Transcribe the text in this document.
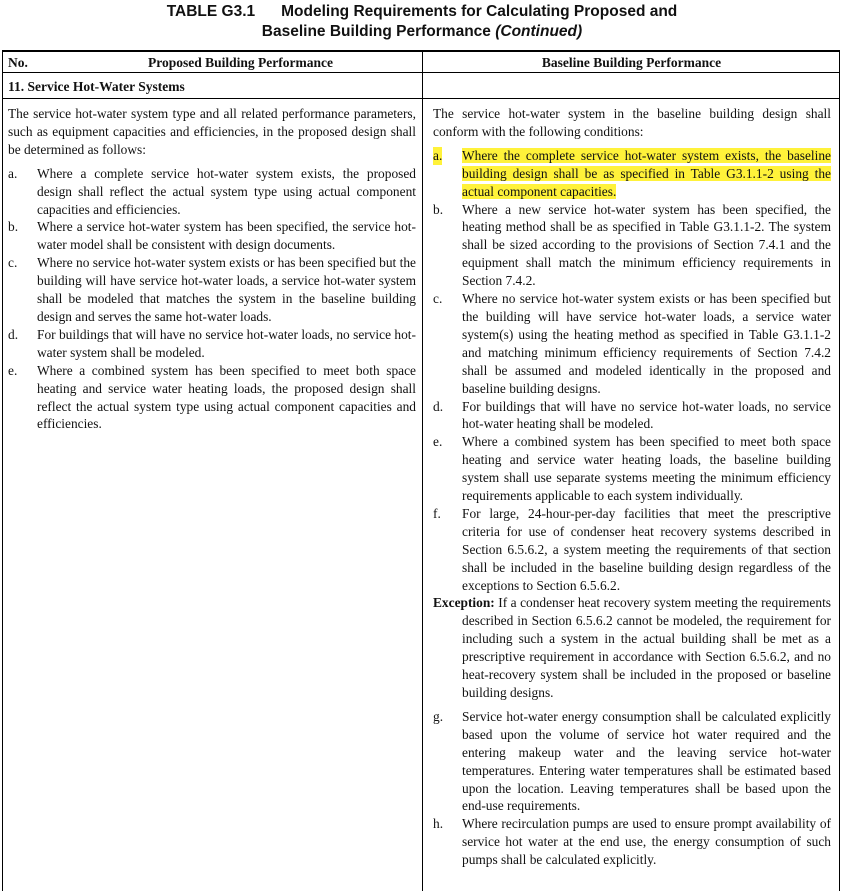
TABLE G3.1 Modeling Requirements for Calculating Proposed and
Baseline Building Performance (Continued)
No.	Proposed Building Performance	Baseline Building Performance
11. Service Hot-Water Systems

The service hot-water system type and all related performance parameters, such as equipment capacities and efficiencies, in the proposed design shall be determined as follows:

a. Where a complete service hot-water system exists, the proposed design shall reflect the actual system type using actual component capacities and efficiencies.
b. Where a service hot-water system has been specified, the service hot-water model shall be consistent with design documents.
c. Where no service hot-water system exists or has been specified but the building will have service hot-water loads, a service hot-water system shall be modeled that matches the system in the baseline building design and serves the same hot-water loads.
d. For buildings that will have no service hot-water loads, no service hot-water system shall be modeled.
e. Where a combined system has been specified to meet both space heating and service water heating loads, the proposed design shall reflect the actual system type using actual component capacities and efficiencies.

The service hot-water system in the baseline building design shall conform with the following conditions:

a. Where the complete service hot-water system exists, the baseline building design shall be as specified in Table G3.1.1-2 using the actual component capacities.
b. Where a new service hot-water system has been specified, the heating method shall be as specified in Table G3.1.1-2. The system shall be sized according to the provisions of Section 7.4.1 and the equipment shall match the minimum efficiency requirements in Section 7.4.2.
c. Where no service hot-water system exists or has been specified but the building will have service hot-water loads, a service water system(s) using the heating method as specified in Table G3.1.1-2 and matching minimum efficiency requirements of Section 7.4.2 shall be assumed and modeled identically in the proposed and baseline building designs.
d. For buildings that will have no service hot-water loads, no service hot-water heating shall be modeled.
e. Where a combined system has been specified to meet both space heating and service water heating loads, the baseline building system shall use separate systems meeting the minimum efficiency requirements applicable to each system individually.
f. For large, 24-hour-per-day facilities that meet the prescriptive criteria for use of condenser heat recovery systems described in Section 6.5.6.2, a system meeting the requirements of that section shall be included in the baseline building design regardless of the exceptions to Section 6.5.6.2.

Exception: If a condenser heat recovery system meeting the requirements described in Section 6.5.6.2 cannot be modeled, the requirement for including such a system in the actual building shall be met as a prescriptive requirement in accordance with Section 6.5.6.2, and no heat-recovery system shall be included in the proposed or baseline building designs.

g. Service hot-water energy consumption shall be calculated explicitly based upon the volume of service hot water required and the entering makeup water and the leaving service hot-water temperatures. Entering water temperatures shall be estimated based upon the location. Leaving temperatures shall be based upon the end-use requirements.
h. Where recirculation pumps are used to ensure prompt availability of service hot water at the end use, the energy consumption of such pumps shall be calculated explicitly.
